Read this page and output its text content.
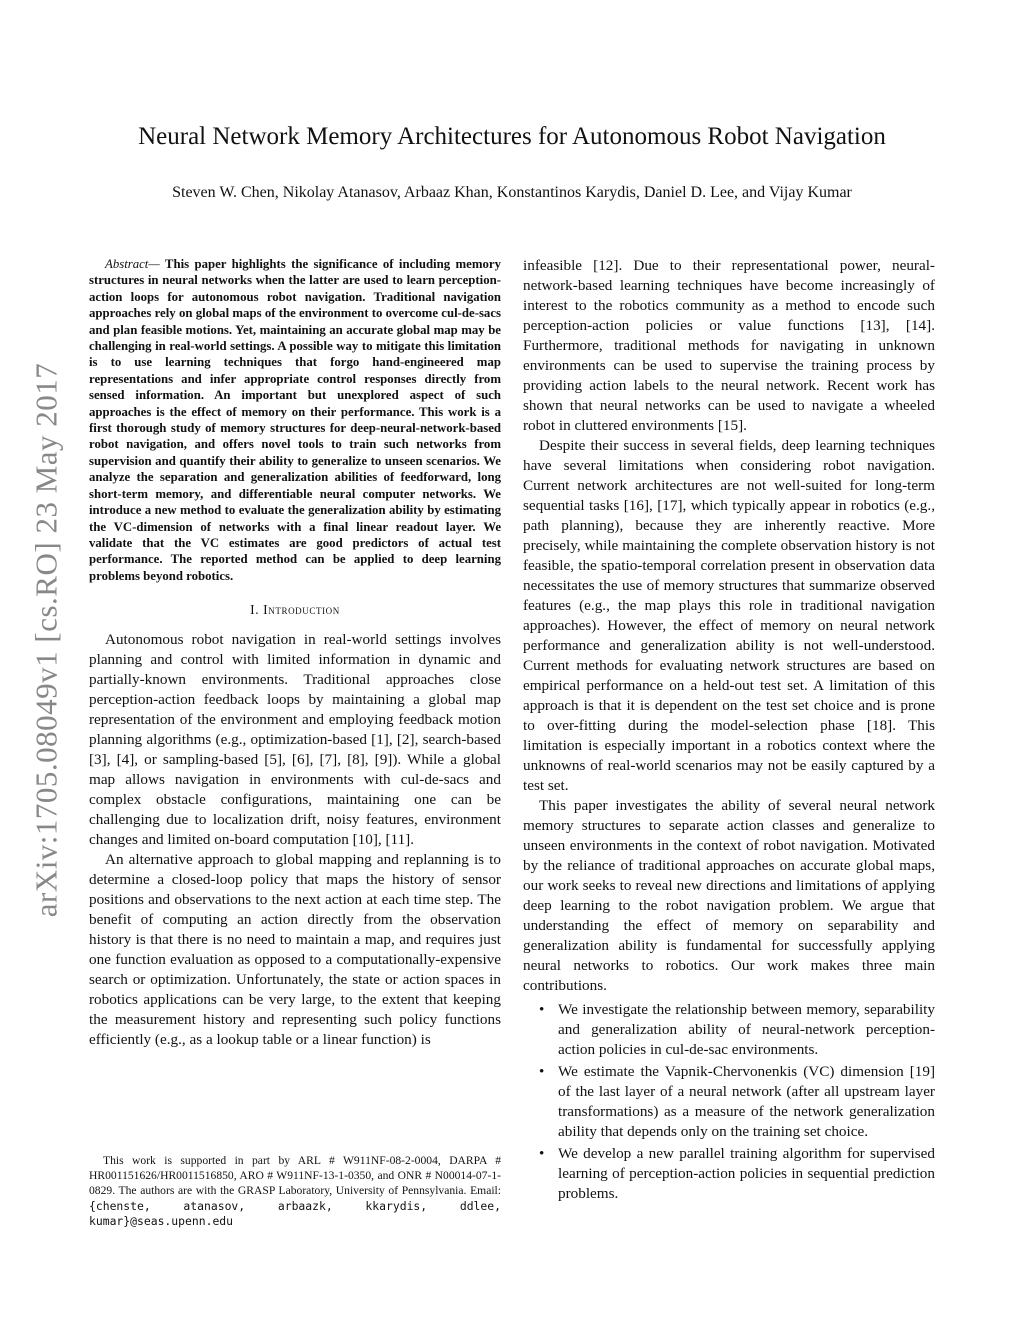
arXiv:1705.08049v1 [cs.RO] 23 May 2017
Neural Network Memory Architectures for Autonomous Robot Navigation
Steven W. Chen, Nikolay Atanasov, Arbaaz Khan, Konstantinos Karydis, Daniel D. Lee, and Vijay Kumar

Abstract— This paper highlights the significance of including memory structures in neural networks when the latter are used to learn perception-action loops for autonomous robot navigation. Traditional navigation approaches rely on global maps of the environment to overcome cul-de-sacs and plan feasible motions. Yet, maintaining an accurate global map may be challenging in real-world settings. A possible way to mitigate this limitation is to use learning techniques that forgo hand-engineered map representations and infer appropriate control responses directly from sensed information. An important but unexplored aspect of such approaches is the effect of memory on their performance. This work is a first thorough study of memory structures for deep-neural-network-based robot navigation, and offers novel tools to train such networks from supervision and quantify their ability to generalize to unseen scenarios. We analyze the separation and generalization abilities of feedforward, long short-term memory, and differentiable neural computer networks. We introduce a new method to evaluate the generalization ability by estimating the VC-dimension of networks with a final linear readout layer. We validate that the VC estimates are good predictors of actual test performance. The reported method can be applied to deep learning problems beyond robotics.

I. Introduction

Autonomous robot navigation in real-world settings involves planning and control with limited information in dynamic and partially-known environments. Traditional approaches close perception-action feedback loops by maintaining a global map representation of the environment and employing feedback motion planning algorithms (e.g., optimization-based [1], [2], search-based [3], [4], or sampling-based [5], [6], [7], [8], [9]). While a global map allows navigation in environments with cul-de-sacs and complex obstacle configurations, maintaining one can be challenging due to localization drift, noisy features, environment changes and limited on-board computation [10], [11].

An alternative approach to global mapping and replanning is to determine a closed-loop policy that maps the history of sensor positions and observations to the next action at each time step. The benefit of computing an action directly from the observation history is that there is no need to maintain a map, and requires just one function evaluation as opposed to a computationally-expensive search or optimization. Unfortunately, the state or action spaces in robotics applications can be very large, to the extent that keeping the measurement history and representing such policy functions efficiently (e.g., as a lookup table or a linear function) is

This work is supported in part by ARL # W911NF-08-2-0004, DARPA # HR001151626/HR0011516850, ARO # W911NF-13-1-0350, and ONR # N00014-07-1-0829. The authors are with the GRASP Laboratory, University of Pennsylvania. Email: {chenste, atanasov, arbaazk, kkarydis, ddlee, kumar}@seas.upenn.edu

infeasible [12]. Due to their representational power, neural-network-based learning techniques have become increasingly of interest to the robotics community as a method to encode such perception-action policies or value functions [13], [14]. Furthermore, traditional methods for navigating in unknown environments can be used to supervise the training process by providing action labels to the neural network. Recent work has shown that neural networks can be used to navigate a wheeled robot in cluttered environments [15].

Despite their success in several fields, deep learning techniques have several limitations when considering robot navigation. Current network architectures are not well-suited for long-term sequential tasks [16], [17], which typically appear in robotics (e.g., path planning), because they are inherently reactive. More precisely, while maintaining the complete observation history is not feasible, the spatio-temporal correlation present in observation data necessitates the use of memory structures that summarize observed features (e.g., the map plays this role in traditional navigation approaches). However, the effect of memory on neural network performance and generalization ability is not well-understood. Current methods for evaluating network structures are based on empirical performance on a held-out test set. A limitation of this approach is that it is dependent on the test set choice and is prone to over-fitting during the model-selection phase [18]. This limitation is especially important in a robotics context where the unknowns of real-world scenarios may not be easily captured by a test set.

This paper investigates the ability of several neural network memory structures to separate action classes and generalize to unseen environments in the context of robot navigation. Motivated by the reliance of traditional approaches on accurate global maps, our work seeks to reveal new directions and limitations of applying deep learning to the robot navigation problem. We argue that understanding the effect of memory on separability and generalization ability is fundamental for successfully applying neural networks to robotics. Our work makes three main contributions.

• We investigate the relationship between memory, separability and generalization ability of neural-network perception-action policies in cul-de-sac environments.
• We estimate the Vapnik-Chervonenkis (VC) dimension [19] of the last layer of a neural network (after all upstream layer transformations) as a measure of the network generalization ability that depends only on the training set choice.
• We develop a new parallel training algorithm for supervised learning of perception-action policies in sequential prediction problems.
